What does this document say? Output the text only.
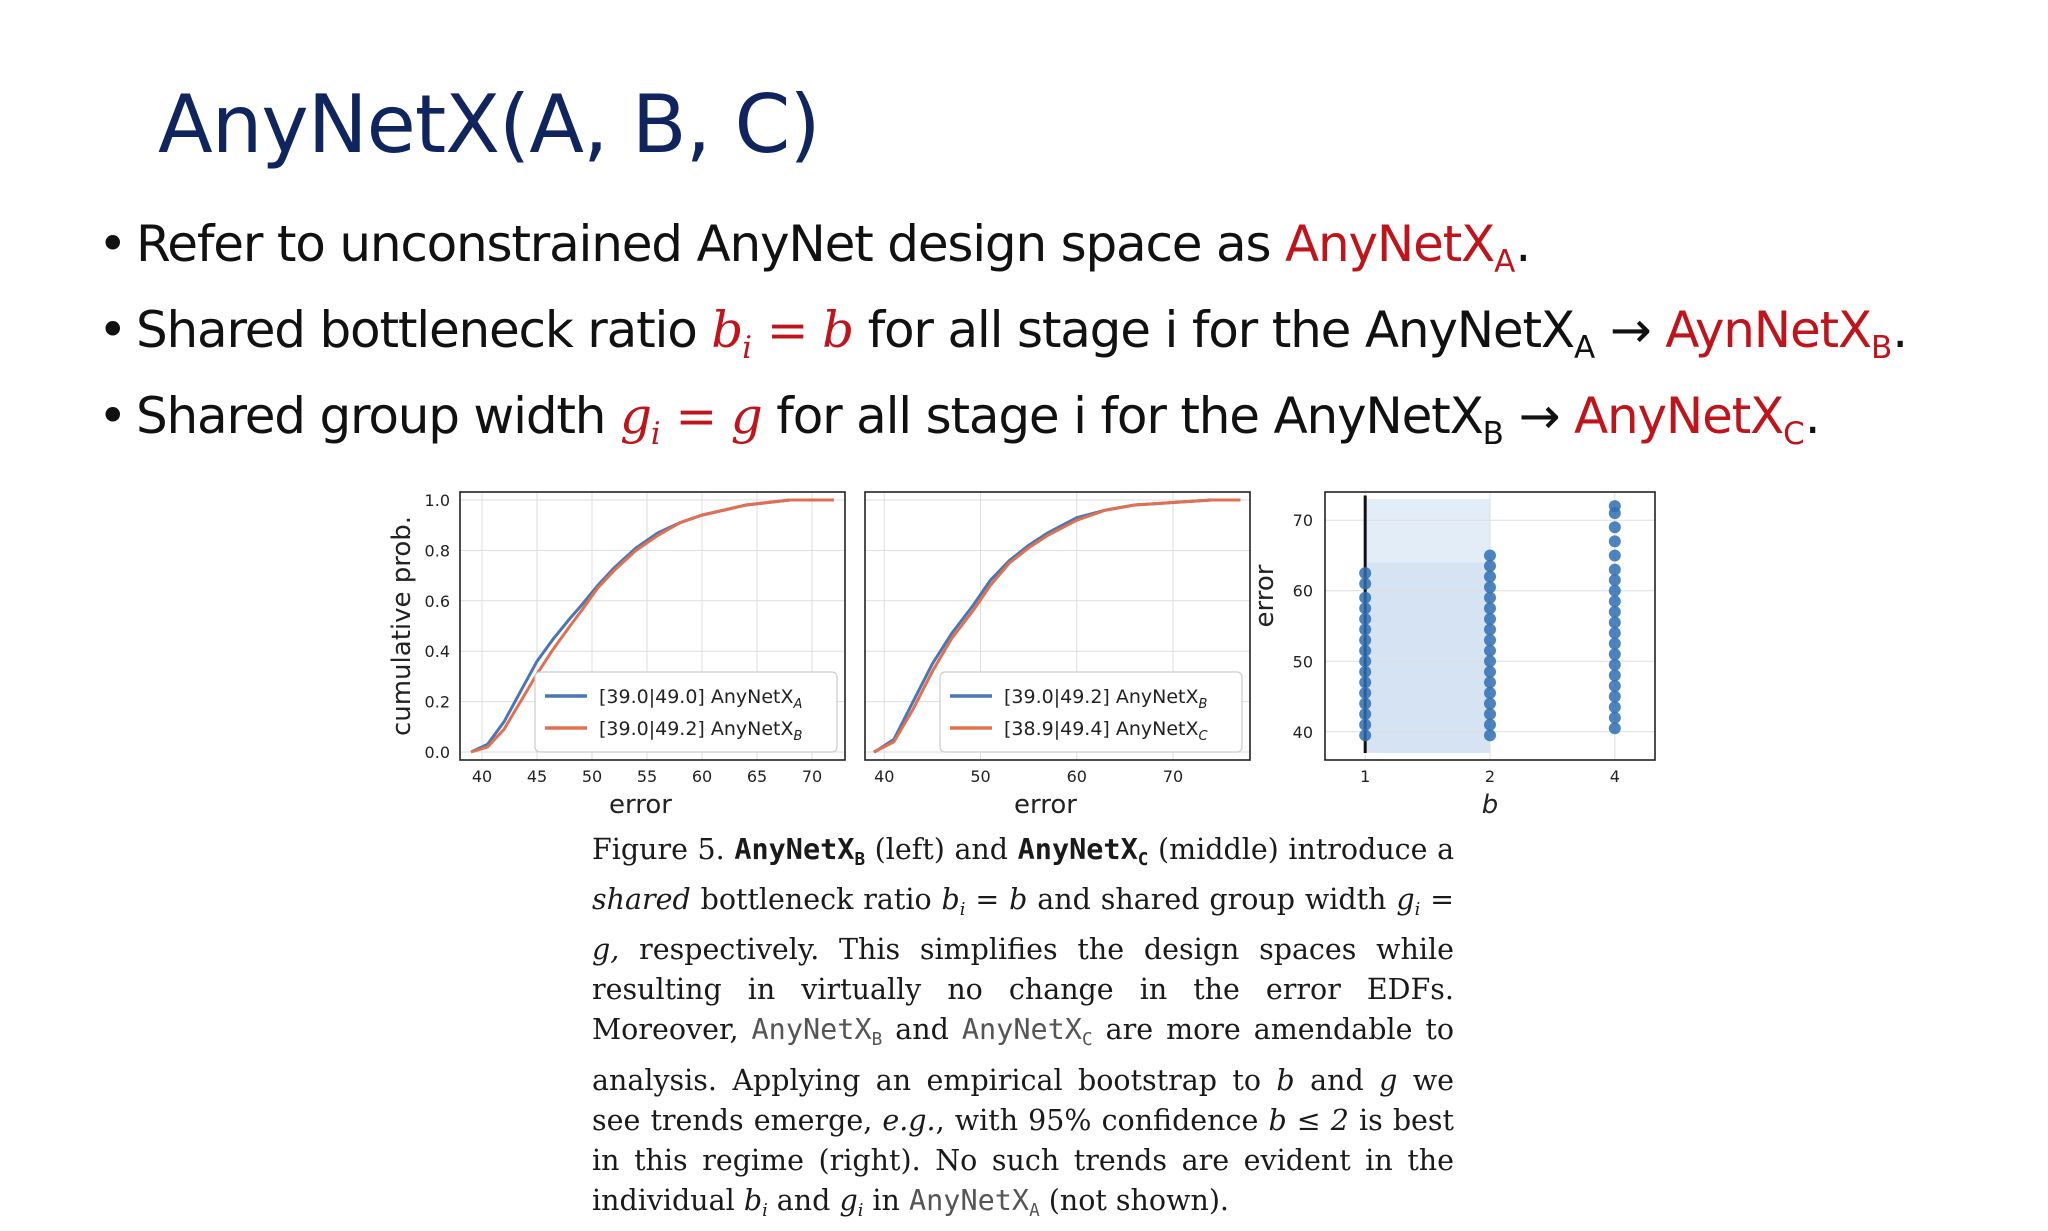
AnyNetX(A, B, C)
• Refer to unconstrained AnyNet design space as AnyNetX$_A$.
• Shared bottleneck ratio $b_i = b$ for all stage i for the AnyNetX$_A$ → AynNetX$_B$.
• Shared group width $g_i = g$ for all stage i for the AnyNetX$_B$ → AnyNetX$_C$.
40 45 50 55 60 65 70
0.0
0.2
0.4
0.6
0.8
1.0
error
cumulative prob.	[39.0|49.0] AnyNetX$_A$
[39.0|49.2] AnyNetX$_B$
40	50	60	70
error
[39.0|49.2] AnyNetX$_B$
[38.9|49.4] AnyNetX$_C$
1	2	4
40
50
60
70
b
error
Figure 5. AnyNetX$_B$ (left) and AnyNetX$_C$ (middle) introduce a shared bottleneck ratio $b_i = b$ and shared group width $g_i = g$, respectively. This simplifies the design spaces while resulting in virtually no change in the error EDFs. Moreover, AnyNetX$_B$ and AnyNetX$_C$ are more amendable to analysis. Applying an empirical bootstrap to b and g we see trends emerge, e.g., with 95% confidence b ≤ 2 is best in this regime (right). No such trends are evident in the individual $b_i$ and $g_i$ in AnyNetX$_A$ (not shown).
